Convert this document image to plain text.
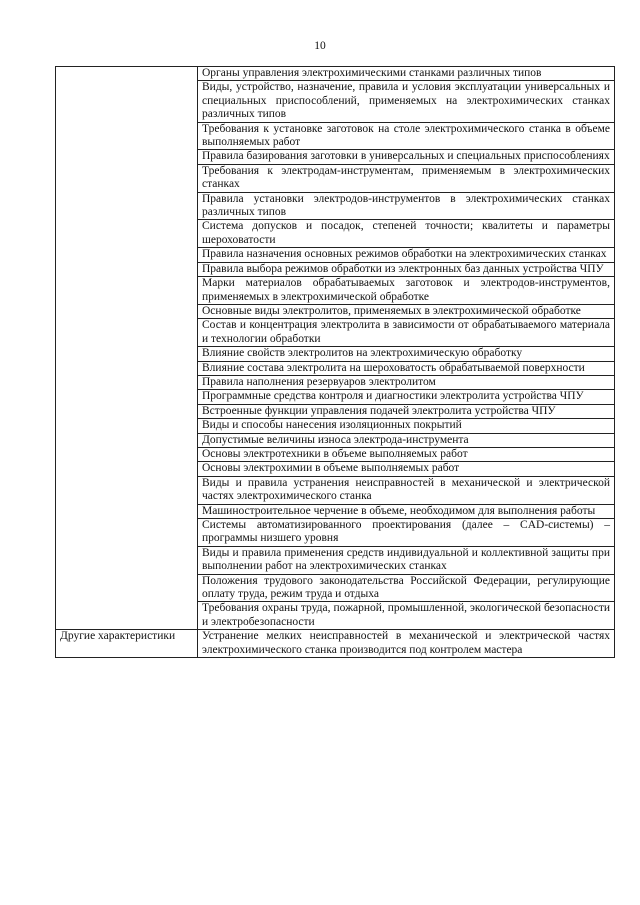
10
	Органы управления электрохимическими станками различных типов
	Виды, устройство, назначение, правила и условия эксплуатации универсальных и специальных приспособлений, применяемых на электрохимических станках различных типов
	Требования к установке заготовок на столе электрохимического станка в объеме выполняемых работ
	Правила базирования заготовки в универсальных и специальных приспособлениях
	Требования к электродам-инструментам, применяемым в электрохимических станках
	Правила установки электродов-инструментов в электрохимических станках различных типов
	Система допусков и посадок, степеней точности; квалитеты и параметры шероховатости
	Правила назначения основных режимов обработки на электрохимических станках
	Правила выбора режимов обработки из электронных баз данных устройства ЧПУ
	Марки материалов обрабатываемых заготовок и электродов-инструментов, применяемых в электрохимической обработке
	Основные виды электролитов, применяемых в электрохимической обработке
	Состав и концентрация электролита в зависимости от обрабатываемого материала и технологии обработки
	Влияние свойств электролитов на электрохимическую обработку
	Влияние состава электролита на шероховатость обрабатываемой поверхности
	Правила наполнения резервуаров электролитом
	Программные средства контроля и диагностики электролита устройства ЧПУ
	Встроенные функции управления подачей электролита устройства ЧПУ
	Виды и способы нанесения изоляционных покрытий
	Допустимые величины износа электрода-инструмента
	Основы электротехники в объеме выполняемых работ
	Основы электрохимии в объеме выполняемых работ
	Виды и правила устранения неисправностей в механической и электрической частях электрохимического станка
	Машиностроительное черчение в объеме, необходимом для выполнения работы
	Системы автоматизированного проектирования (далее – CAD-системы) – программы низшего уровня
	Виды и правила применения средств индивидуальной и коллективной защиты при выполнении работ на электрохимических станках
	Положения трудового законодательства Российской Федерации, регулирующие оплату труда, режим труда и отдыха
	Требования охраны труда, пожарной, промышленной, экологической безопасности и электробезопасности
Другие характеристики	Устранение мелких неисправностей в механической и электрической частях электрохимического станка производится под контролем мастера
